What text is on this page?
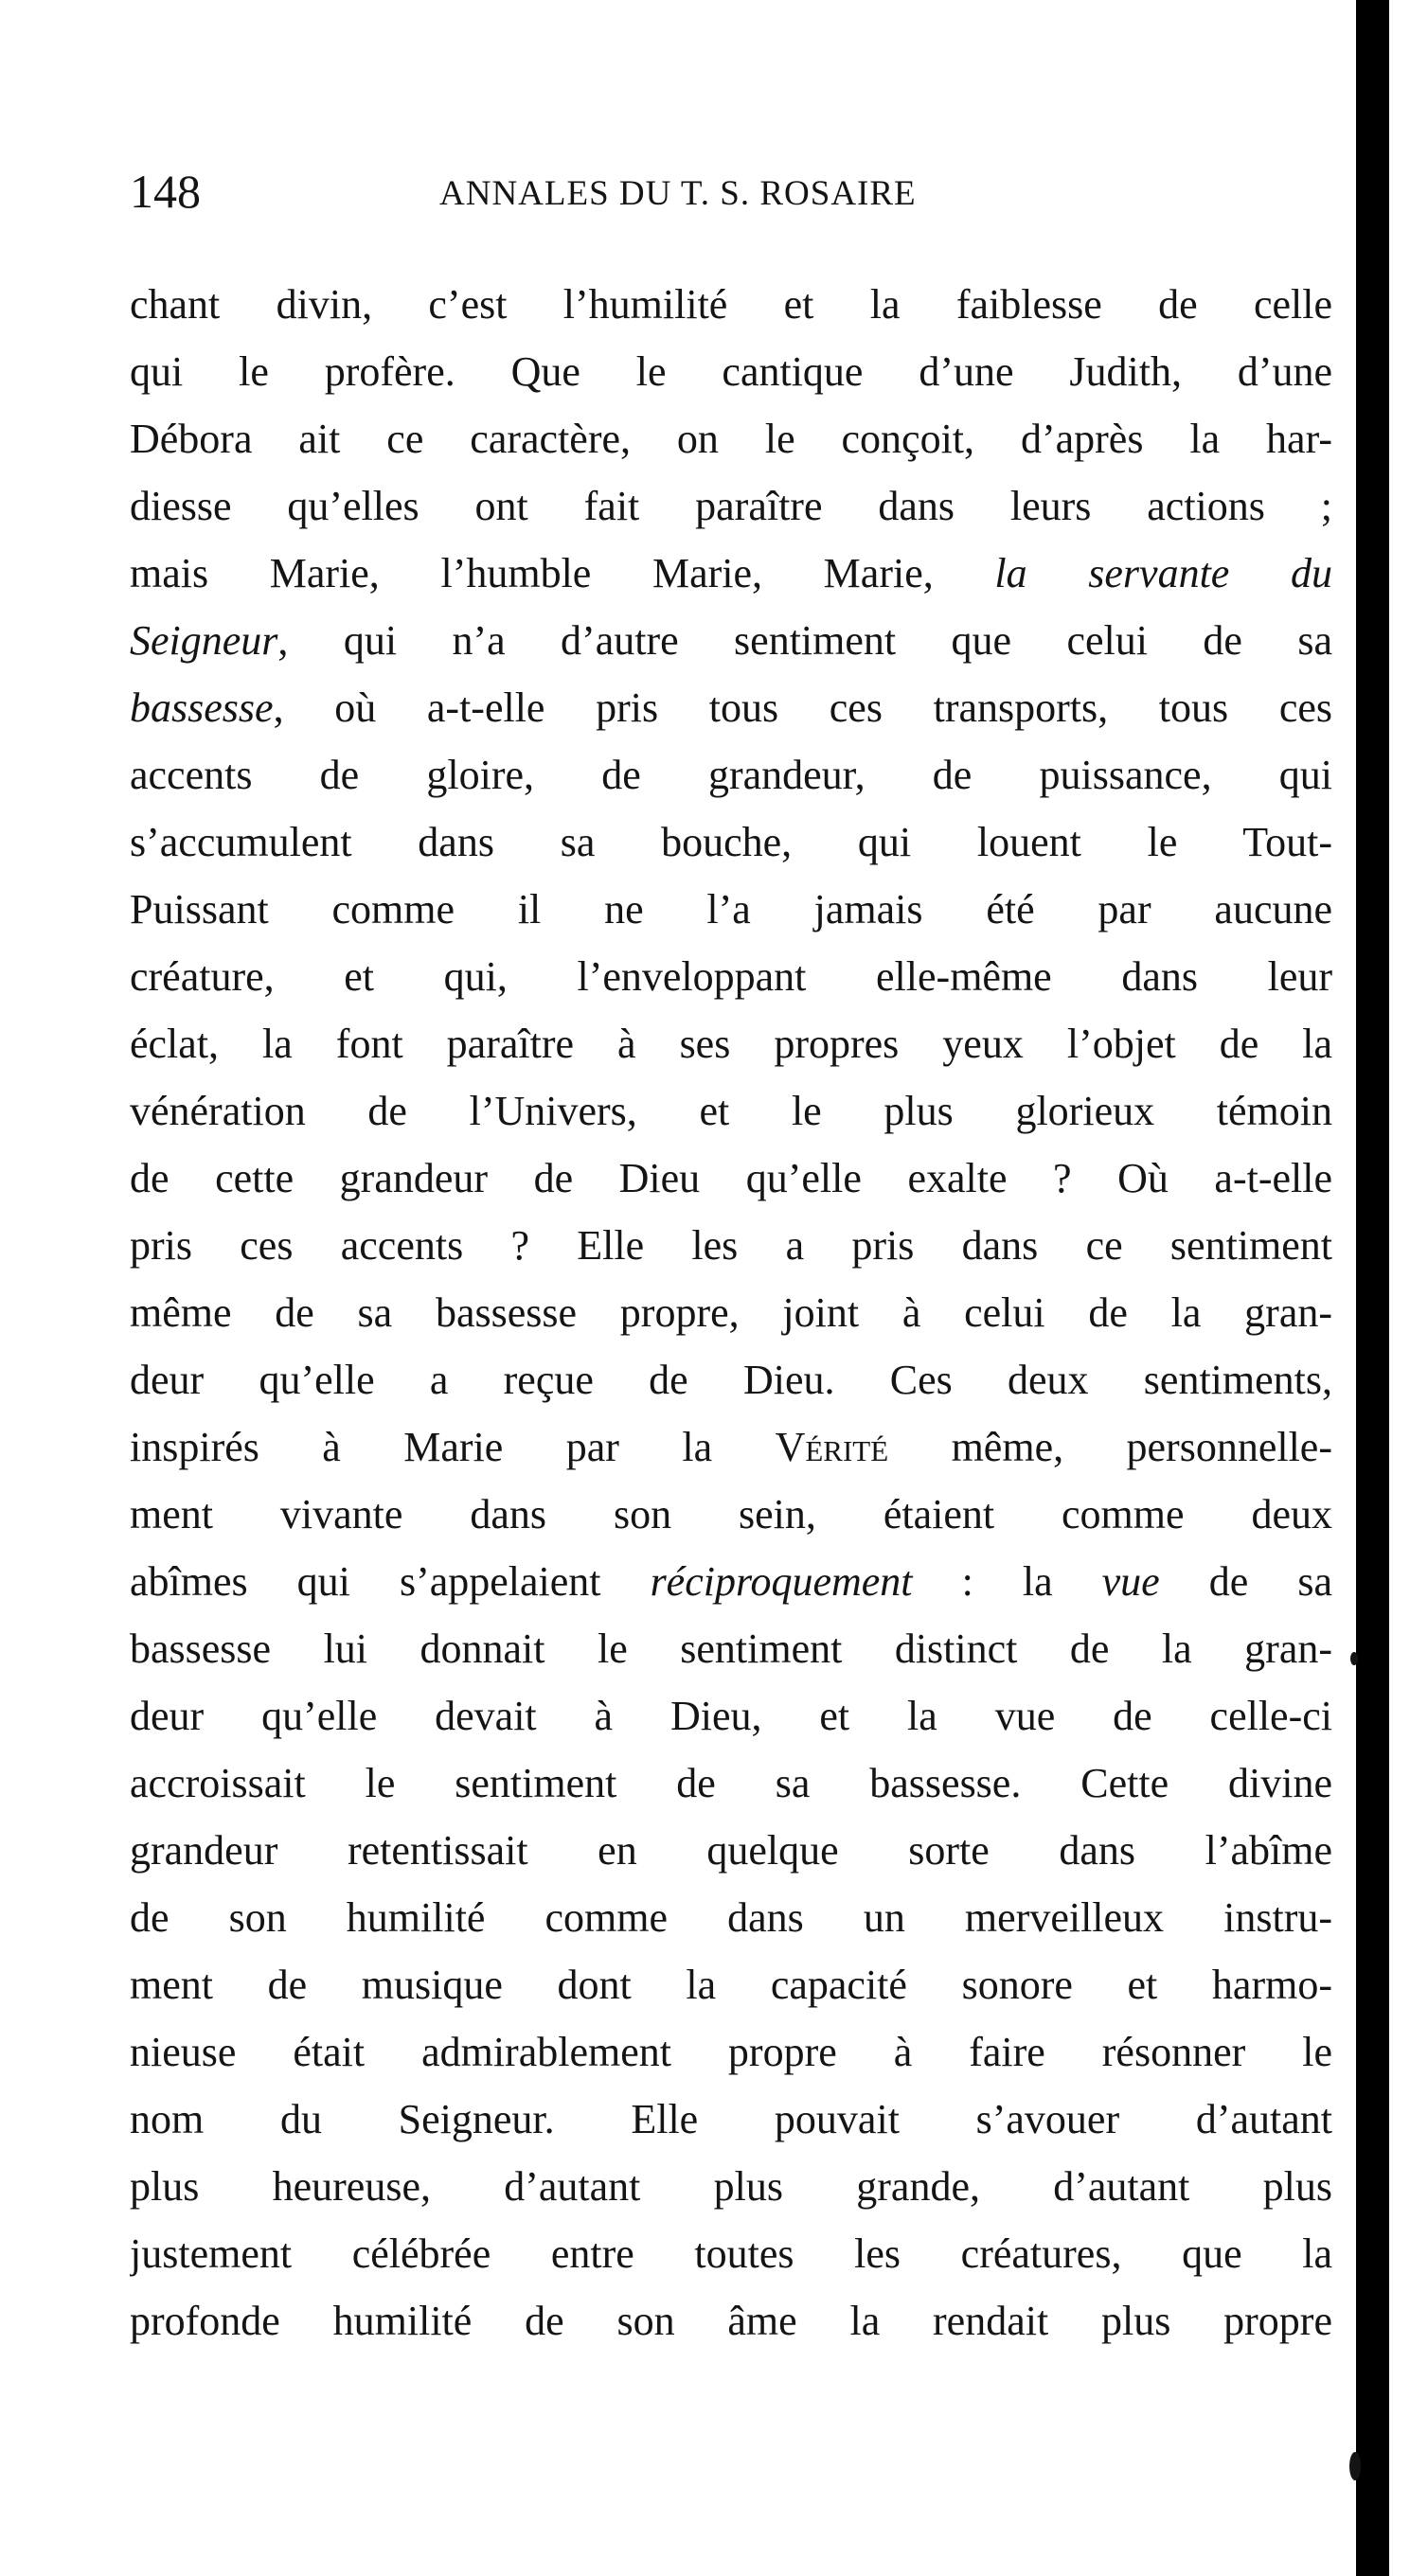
148	ANNALES DU T. S. ROSAIRE
chant divin, c’est l’humilité et la faiblesse de celle
qui le profère. Que le cantique d’une Judith, d’une
Débora ait ce caractère, on le conçoit, d’après la har-
diesse qu’elles ont fait paraître dans leurs actions ;
mais Marie, l’humble Marie, Marie, la servante du
Seigneur, qui n’a d’autre sentiment que celui de sa
bassesse, où a-t-elle pris tous ces transports, tous ces
accents de gloire, de grandeur, de puissance, qui
s’accumulent dans sa bouche, qui louent le Tout-
Puissant comme il ne l’a jamais été par aucune
créature, et qui, l’enveloppant elle-même dans leur
éclat, la font paraître à ses propres yeux l’objet de la
vénération de l’Univers, et le plus glorieux témoin
de cette grandeur de Dieu qu’elle exalte ? Où a-t-elle
pris ces accents ? Elle les a pris dans ce sentiment
même de sa bassesse propre, joint à celui de la gran-
deur qu’elle a reçue de Dieu. Ces deux sentiments,
inspirés à Marie par la Vérité même, personnelle-
ment vivante dans son sein, étaient comme deux
abîmes qui s’appelaient réciproquement : la vue de sa
bassesse lui donnait le sentiment distinct de la gran-
deur qu’elle devait à Dieu, et la vue de celle-ci
accroissait le sentiment de sa bassesse. Cette divine
grandeur retentissait en quelque sorte dans l’abîme
de son humilité comme dans un merveilleux instru-
ment de musique dont la capacité sonore et harmo-
nieuse était admirablement propre à faire résonner le
nom du Seigneur. Elle pouvait s’avouer d’autant
plus heureuse, d’autant plus grande, d’autant plus
justement célébrée entre toutes les créatures, que la
profonde humilité de son âme la rendait plus propre
